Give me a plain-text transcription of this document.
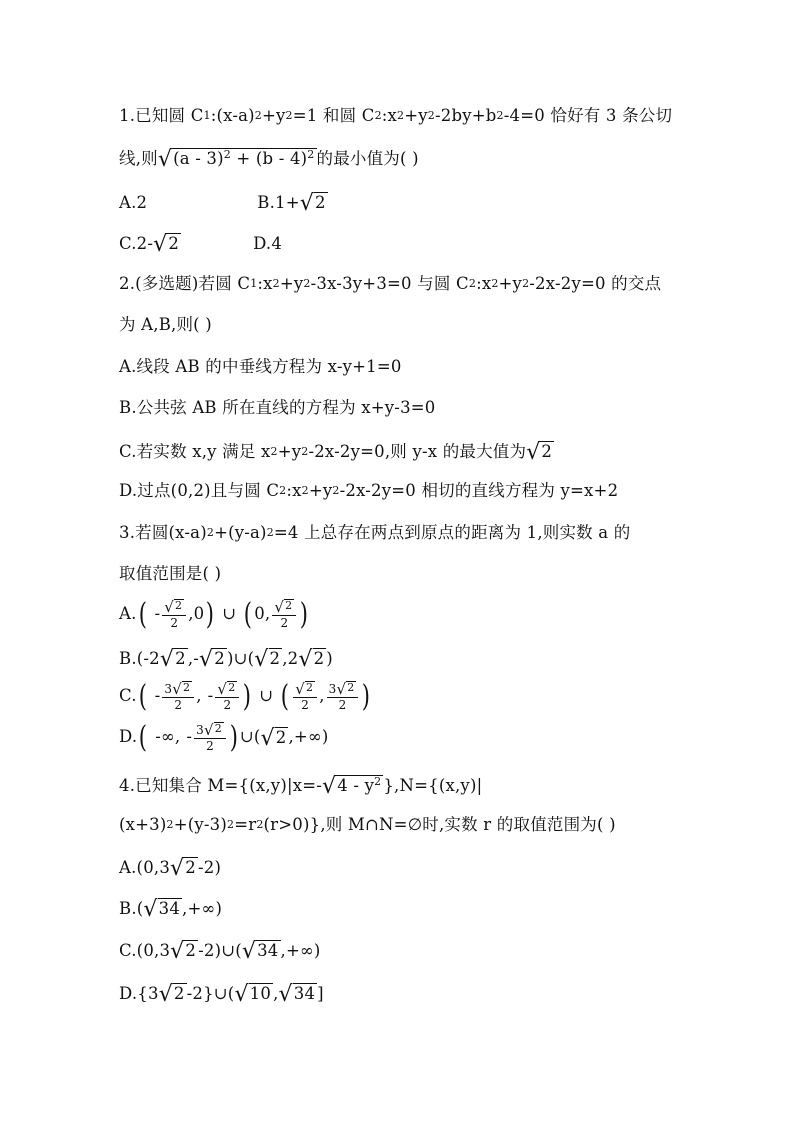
1.已知圆 C 1 :(x-a) 2 +y 2 =1 和圆 C 2 :x 2 +y 2 -2by+b 2 -4=0 恰好有 3 条公切
线,则 √ (a - 3)$^2$ + (b - 4)$^2$ 的最小值为( )
A.2	B.1+ √ 2
C.2- √ 2	D.4
2.(多选题)若圆 C 1 :x 2 +y 2 -3x-3y+3=0 与圆 C 2 :x 2 +y 2 -2x-2y=0 的交点
为 A,B,则( )
A.线段 AB 的中垂线方程为 x-y+1=0
B.公共弦 AB 所在直线的方程为 x+y-3=0
C.若实数 x,y 满足 x 2 +y 2 -2x-2y=0,则 y-x 的最大值为 √ 2
D.过点(0,2)且与圆 C 2 :x 2 +y 2 -2x-2y=0 相切的直线方程为 y=x+2
3.若圆(x-a) 2 +(y-a) 2 =4 上总存在两点到原点的距离为 1,则实数 a 的
取值范围是( )
A. ( - $\frac{√ 2}{2} ,0$ ) ∪ ( 0, $\frac{√ 2}{2}$ )
B.(-2 √ 2 ,- √ 2 )∪( √ 2 ,2 √ 2 )
C. ( - $\frac{3 √ 2}{2}$ , - $\frac{√ 2}{2}$ ) ∪ ( $\frac{√ 2}{2}$ , $\frac{3 √ 2}{2}$ )
D. ( -∞, - $\frac{3 √ 2}{2}$ ) ∪( √ 2 ,+∞)
4.已知集合 M={(x,y)|x=- √ $4 - y^2$ },N={(x,y)|
(x+3) 2 +(y-3) 2 =r 2 (r>0)},则 M∩N=∅时,实数 r 的取值范围为( )
A.(0,3 √ 2 -2)
B.( √ 34 ,+∞)
C.(0,3 √ 2 -2)∪( √ 34 ,+∞)
D.{3 √ 2 -2}∪( √ 10 , √ 34 ]
